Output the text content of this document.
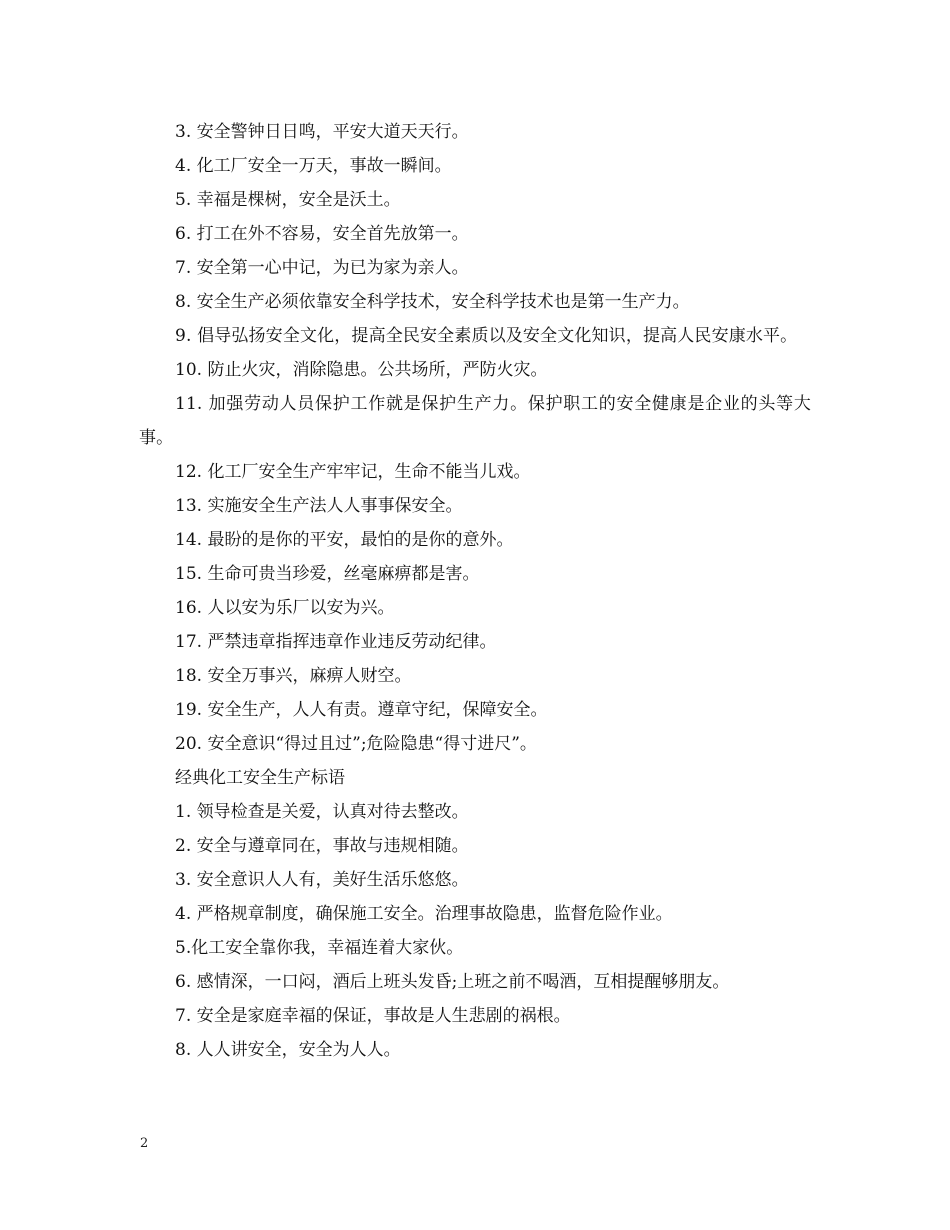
3. 安全警钟日日鸣，平安大道天天行。
4. 化工厂安全一万天，事故一瞬间。
5. 幸福是棵树，安全是沃土。
6. 打工在外不容易，安全首先放第一。
7. 安全第一心中记，为已为家为亲人。
8. 安全生产必须依靠安全科学技术，安全科学技术也是第一生产力。
9. 倡导弘扬安全文化，提高全民安全素质以及安全文化知识，提高人民安康水平。
10. 防止火灾，消除隐患。公共场所，严防火灾。
11. 加强劳动人员保护工作就是保护生产力。保护职工的安全健康是企业的头等大事。
12. 化工厂安全生产牢牢记，生命不能当儿戏。
13. 实施安全生产法人人事事保安全。
14. 最盼的是你的平安，最怕的是你的意外。
15. 生命可贵当珍爱，丝毫麻痹都是害。
16. 人以安为乐厂以安为兴。
17. 严禁违章指挥违章作业违反劳动纪律。
18. 安全万事兴，麻痹人财空。
19. 安全生产，人人有责。遵章守纪，保障安全。
20. 安全意识“得过且过”;危险隐患“得寸进尺”。
经典化工安全生产标语
1. 领导检查是关爱，认真对待去整改。
2. 安全与遵章同在，事故与违规相随。
3. 安全意识人人有，美好生活乐悠悠。
4. 严格规章制度，确保施工安全。治理事故隐患，监督危险作业。
5.化工安全靠你我，幸福连着大家伙。
6. 感情深，一口闷，酒后上班头发昏;上班之前不喝酒，互相提醒够朋友。
7. 安全是家庭幸福的保证，事故是人生悲剧的祸根。
8. 人人讲安全，安全为人人。
2
